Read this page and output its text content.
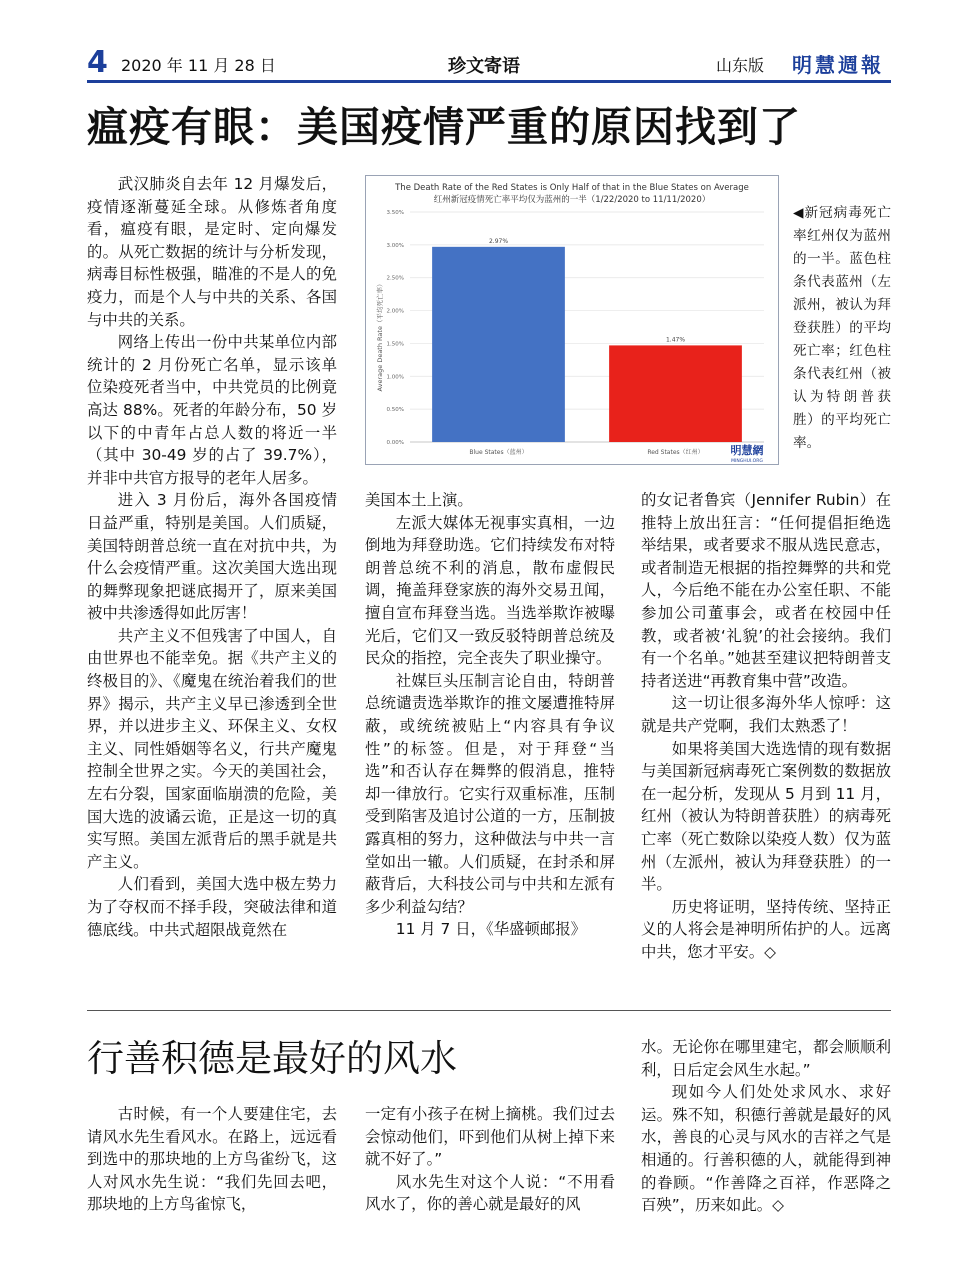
4 2020 年 11 月 28 日	珍文寄语	山东版 明慧週報
瘟疫有眼：美国疫情严重的原因找到了

武汉肺炎自去年 12 月爆发后，疫情逐渐蔓延全球。从修炼者角度看，瘟疫有眼，是定时、定向爆发的。从死亡数据的统计与分析发现，病毒目标性极强，瞄准的不是人的免疫力，而是个人与中共的关系、各国与中共的关系。

网络上传出一份中共某单位内部统计的 2 月份死亡名单，显示该单位染疫死者当中，中共党员的比例竟高达 88%。死者的年龄分布，50 岁以下的中青年占总人数的将近一半（其中 30-49 岁的占了 39.7%），并非中共官方报导的老年人居多。

进入 3 月份后，海外各国疫情日益严重，特别是美国。人们质疑，美国特朗普总统一直在对抗中共，为什么会疫情严重。这次美国大选出现的舞弊现象把谜底揭开了，原来美国被中共渗透得如此厉害！

共产主义不但残害了中国人，自由世界也不能幸免。据《共产主义的终极目的》、《魔鬼在统治着我们的世界》揭示，共产主义早已渗透到全世界，并以进步主义、环保主义、女权主义、同性婚姻等名义，行共产魔鬼控制全世界之实。今天的美国社会，左右分裂，国家面临崩溃的危险，美国大选的波谲云诡，正是这一切的真实写照。美国左派背后的黑手就是共产主义。

人们看到，美国大选中极左势力为了夺权而不择手段，突破法律和道德底线。中共式超限战竟然在

The Death Rate of the Red States is Only Half of that in the Blue States on Average
红州新冠疫情死亡率平均仅为蓝州的一半（1/22/2020 to 11/11/2020）
Average Death Rate（平均死亡率）
0.00%
0.50%
1.00%
1.50%
2.00%
2.50%
3.00%
3.50%
2.97%
Blue States（蓝州）
1.47%
Red States（红州） 明慧網
MINGHUI.ORG
◀新冠病毒死亡率红州仅为蓝州的一半。蓝色柱条代表蓝州（左派州，被认为拜登获胜）的平均死亡率；红色柱条代表红州（被认为特朗普获胜）的平均死亡率。

美国本土上演。

左派大媒体无视事实真相，一边倒地为拜登助选。它们持续发布对特朗普总统不利的消息，散布虚假民调，掩盖拜登家族的海外交易丑闻，擅自宣布拜登当选。当选举欺诈被曝光后，它们又一致反驳特朗普总统及民众的指控，完全丧失了职业操守。

社媒巨头压制言论自由，特朗普总统谴责选举欺诈的推文屡遭推特屏蔽，或统统被贴上“内容具有争议性”的标签。但是，对于拜登“当选”和否认存在舞弊的假消息，推特却一律放行。它实行双重标准，压制受到陷害及追讨公道的一方，压制披露真相的努力，这种做法与中共一言堂如出一辙。人们质疑，在封杀和屏蔽背后，大科技公司与中共和左派有多少利益勾结？

11 月 7 日，《华盛顿邮报》

的女记者鲁宾（Jennifer Rubin）在推特上放出狂言：“任何提倡拒绝选举结果，或者要求不服从选民意志，或者制造无根据的指控舞弊的共和党人，今后绝不能在办公室任职、不能参加公司董事会，或者在校园中任教，或者被‘礼貌’的社会接纳。我们有一个名单。”她甚至建议把特朗普支持者送进“再教育集中营”改造。

这一切让很多海外华人惊呼：这就是共产党啊，我们太熟悉了！

如果将美国大选选情的现有数据与美国新冠病毒死亡案例数的数据放在一起分析，发现从 5 月到 11 月，红州（被认为特朗普获胜）的病毒死亡率（死亡数除以染疫人数）仅为蓝州（左派州，被认为拜登获胜）的一半。

历史将证明，坚持传统、坚持正义的人将会是神明所佑护的人。远离中共，您才平安。◇

行善积德是最好的风水

古时候，有一个人要建住宅，去请风水先生看风水。在路上，远远看到选中的那块地的上方鸟雀纷飞，这人对风水先生说：“我们先回去吧，那块地的上方鸟雀惊飞，

一定有小孩子在树上摘桃。我们过去会惊动他们，吓到他们从树上掉下来就不好了。”

风水先生对这个人说：“不用看风水了，你的善心就是最好的风

水。无论你在哪里建宅，都会顺顺利利，日后定会风生水起。”

现如今人们处处求风水、求好运。殊不知，积德行善就是最好的风水，善良的心灵与风水的吉祥之气是相通的。行善积德的人，就能得到神的眷顾。“作善降之百祥，作恶降之百殃”，历来如此。◇
